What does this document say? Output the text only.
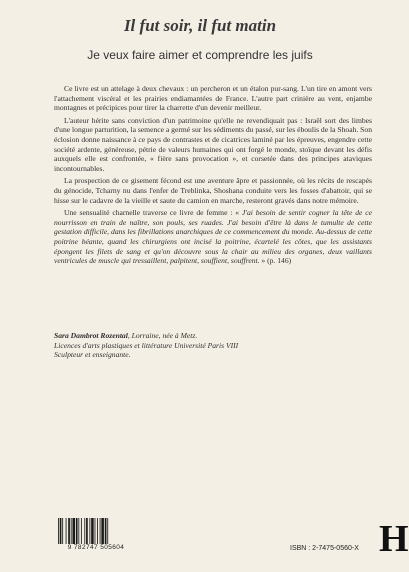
Il fut soir, il fut matin
Je veux faire aimer et comprendre les juifs

Ce livre est un attelage à deux chevaux : un percheron et un étalon pur-sang. L'un tire en amont vers l'attachement viscéral et les prairies endiamantées de France. L'autre part crinière au vent, enjambe montagnes et précipices pour tirer la charrette d'un devenir meilleur.

L'auteur hérite sans conviction d'un patrimoine qu'elle ne revendiquait pas : Israël sort des limbes d'une longue parturition, la semence a germé sur les sédiments du passé, sur les éboulis de la Shoah. Son éclosion donne naissance à ce pays de contrastes et de cicatrices laminé par les épreuves, engendre cette société ardente, généreuse, pétrie de valeurs humaines qui ont forgé le monde, stoïque devant les défis auxquels elle est confrontée, « fière sans provocation », et corsetée dans des principes ataviques incontournables.

La prospection de ce gisement fécond est une aventure âpre et passionnée, où les récits de rescapés du génocide, Tcharny nu dans l'enfer de Treblinka, Shoshana conduite vers les fosses d'abattoir, qui se hisse sur le cadavre de la vieille et saute du camion en marche, resteront gravés dans notre mémoire.

Une sensualité charnelle traverse ce livre de femme : « J'ai besoin de sentir cogner la tête de ce nourrisson en train de naître, son pouls, ses ruades. J'ai besoin d'être là dans le tumulte de cette gestation difficile, dans les fibrillations anarchiques de ce commencement du monde. Au-dessus de cette poitrine béante, quand les chirurgiens ont incisé la poitrine, écartelé les côtes, que les assistants épongent les filets de sang et qu'on découvre sous la chair au milieu des organes, deux vaillants ventricules de muscle qui tressaillent, palpitent, souffient, souffrent. » (p. 146)

Sara Dambrot Rozental, Lorraine, née à Metz.
Licences d'arts plastiques et littérature Université Paris VIII
Sculpteur et enseignante.
9 782747 505604	ISBN : 2-7475-0560-X H
